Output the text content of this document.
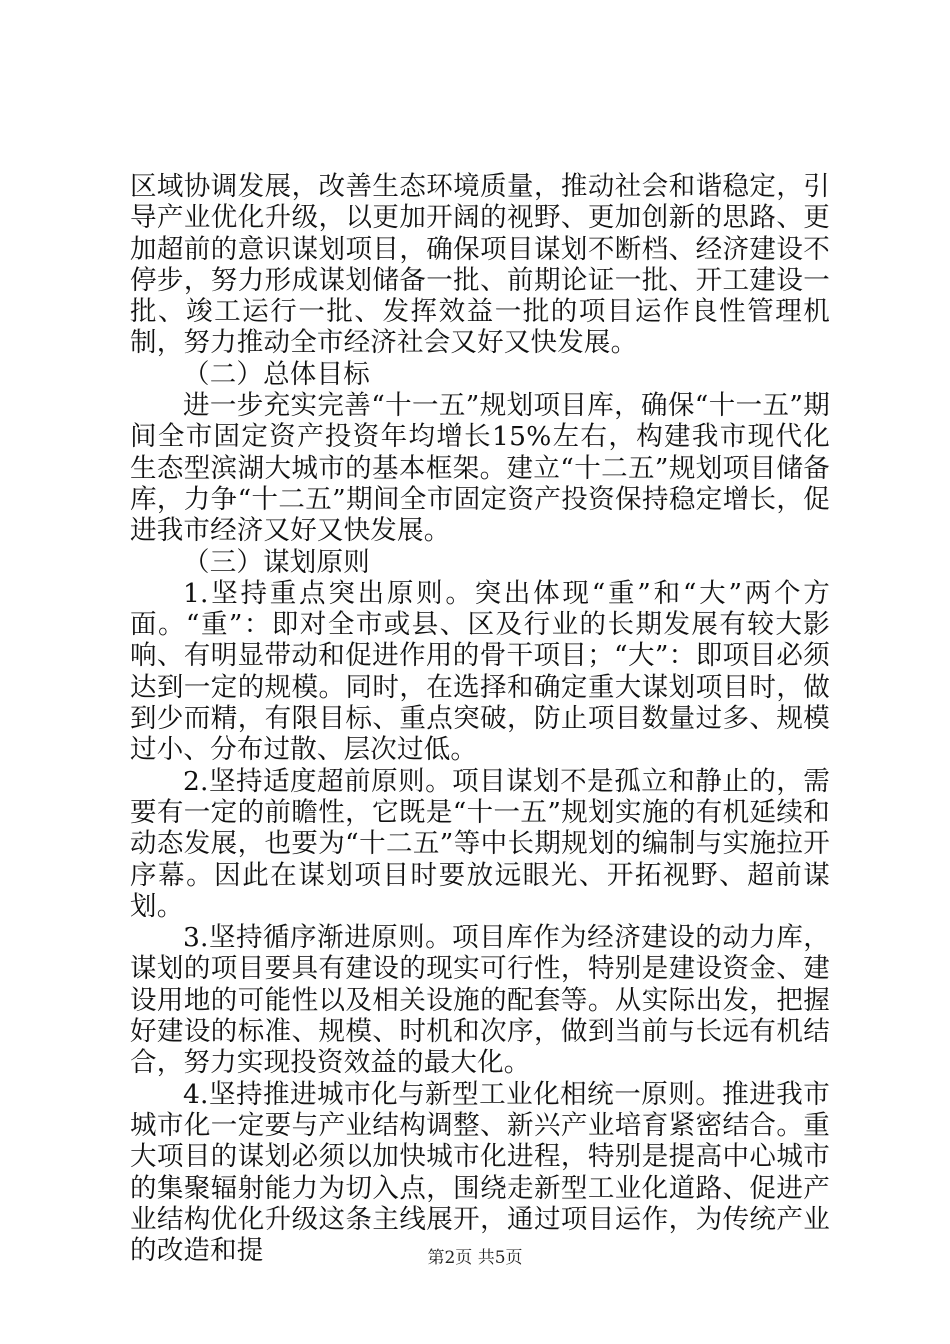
区域协调发展，改善生态环境质量，推动社会和谐稳定，引导产业优化升级，以更加开阔的视野、更加创新的思路、更加超前的意识谋划项目，确保项目谋划不断档、经济建设不停步，努力形成谋划储备一批、前期论证一批、开工建设一批、竣工运行一批、发挥效益一批的项目运作良性管理机制，努力推动全市经济社会又好又快发展。

（二）总体目标

进一步充实完善“十一五”规划项目库，确保“十一五”期间全市固定资产投资年均增长15%左右，构建我市现代化生态型滨湖大城市的基本框架。建立“十二五”规划项目储备库，力争“十二五”期间全市固定资产投资保持稳定增长，促进我市经济又好又快发展。

（三）谋划原则

1.坚持重点突出原则。突出体现“重”和“大”两个方面。“重”：即对全市或县、区及行业的长期发展有较大影响、有明显带动和促进作用的骨干项目；“大”：即项目必须达到一定的规模。同时，在选择和确定重大谋划项目时，做到少而精，有限目标、重点突破，防止项目数量过多、规模过小、分布过散、层次过低。

2.坚持适度超前原则。项目谋划不是孤立和静止的，需要有一定的前瞻性，它既是“十一五”规划实施的有机延续和动态发展，也要为“十二五”等中长期规划的编制与实施拉开序幕。因此在谋划项目时要放远眼光、开拓视野、超前谋划。

3.坚持循序渐进原则。项目库作为经济建设的动力库，谋划的项目要具有建设的现实可行性，特别是建设资金、建设用地的可能性以及相关设施的配套等。从实际出发，把握好建设的标准、规模、时机和次序，做到当前与长远有机结合，努力实现投资效益的最大化。

4.坚持推进城市化与新型工业化相统一原则。推进我市城市化一定要与产业结构调整、新兴产业培育紧密结合。重大项目的谋划必须以加快城市化进程，特别是提高中心城市的集聚辐射能力为切入点，围绕走新型工业化道路、促进产业结构优化升级这条主线展开，通过项目运作，为传统产业的改造和提	第2页 共5页
